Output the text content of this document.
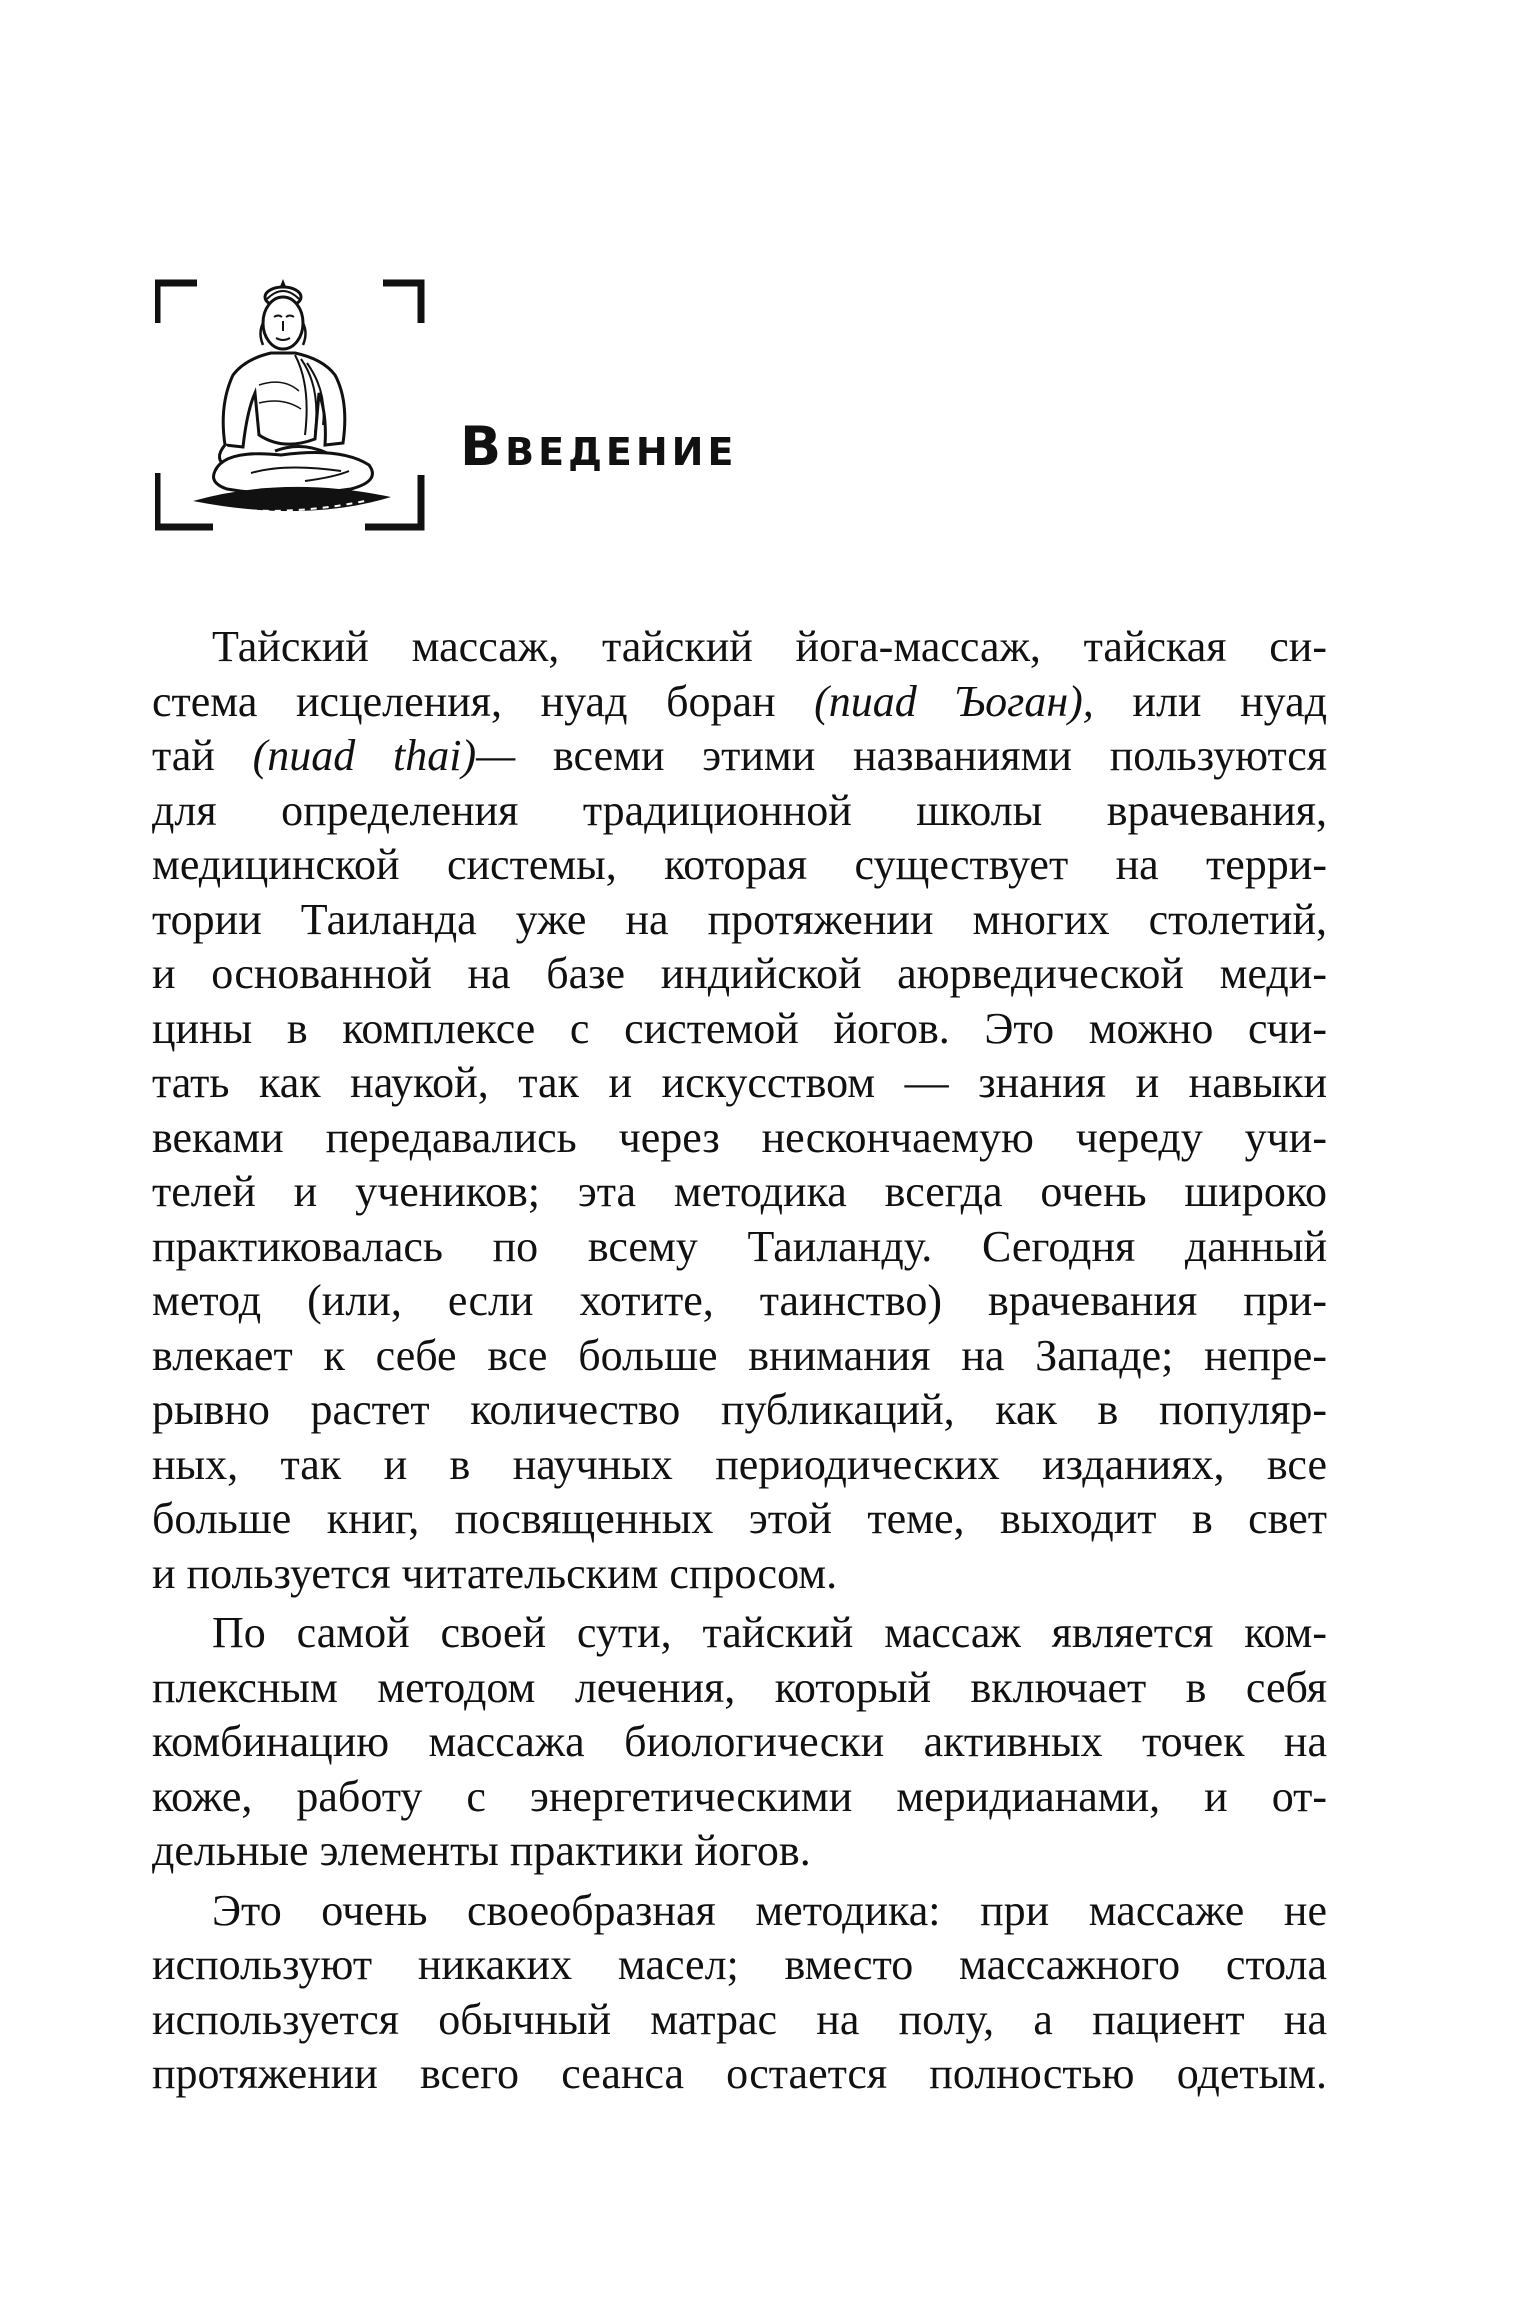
Введение

Тайский массаж, тайский йога-массаж, тайская си-
стема исцеления, нуад боран (nuad Ъоган), или нуад
тай (nuad thai)— всеми этими названиями пользуются
для определения традиционной школы врачевания,
медицинской системы, которая существует на терри-
тории Таиланда уже на протяжении многих столетий,
и основанной на базе индийской аюрведической меди-
цины в комплексе с системой йогов. Это можно счи-
тать как наукой, так и искусством — знания и навыки
веками передавались через нескончаемую череду учи-
телей и учеников; эта методика всегда очень широко
практиковалась по всему Таиланду. Сегодня данный
метод (или, если хотите, таинство) врачевания при-
влекает к себе все больше внимания на Западе; непре-
рывно растет количество публикаций, как в популяр-
ных, так и в научных периодических изданиях, все
больше книг, посвященных этой теме, выходит в свет
и пользуется читательским спросом.

По самой своей сути, тайский массаж является ком-
плексным методом лечения, который включает в себя
комбинацию массажа биологически активных точек на
коже, работу с энергетическими меридианами, и от-
дельные элементы практики йогов.

Это очень своеобразная методика: при массаже не
используют никаких масел; вместо массажного стола
используется обычный матрас на полу, а пациент на
протяжении всего сеанса остается полностью одетым.
